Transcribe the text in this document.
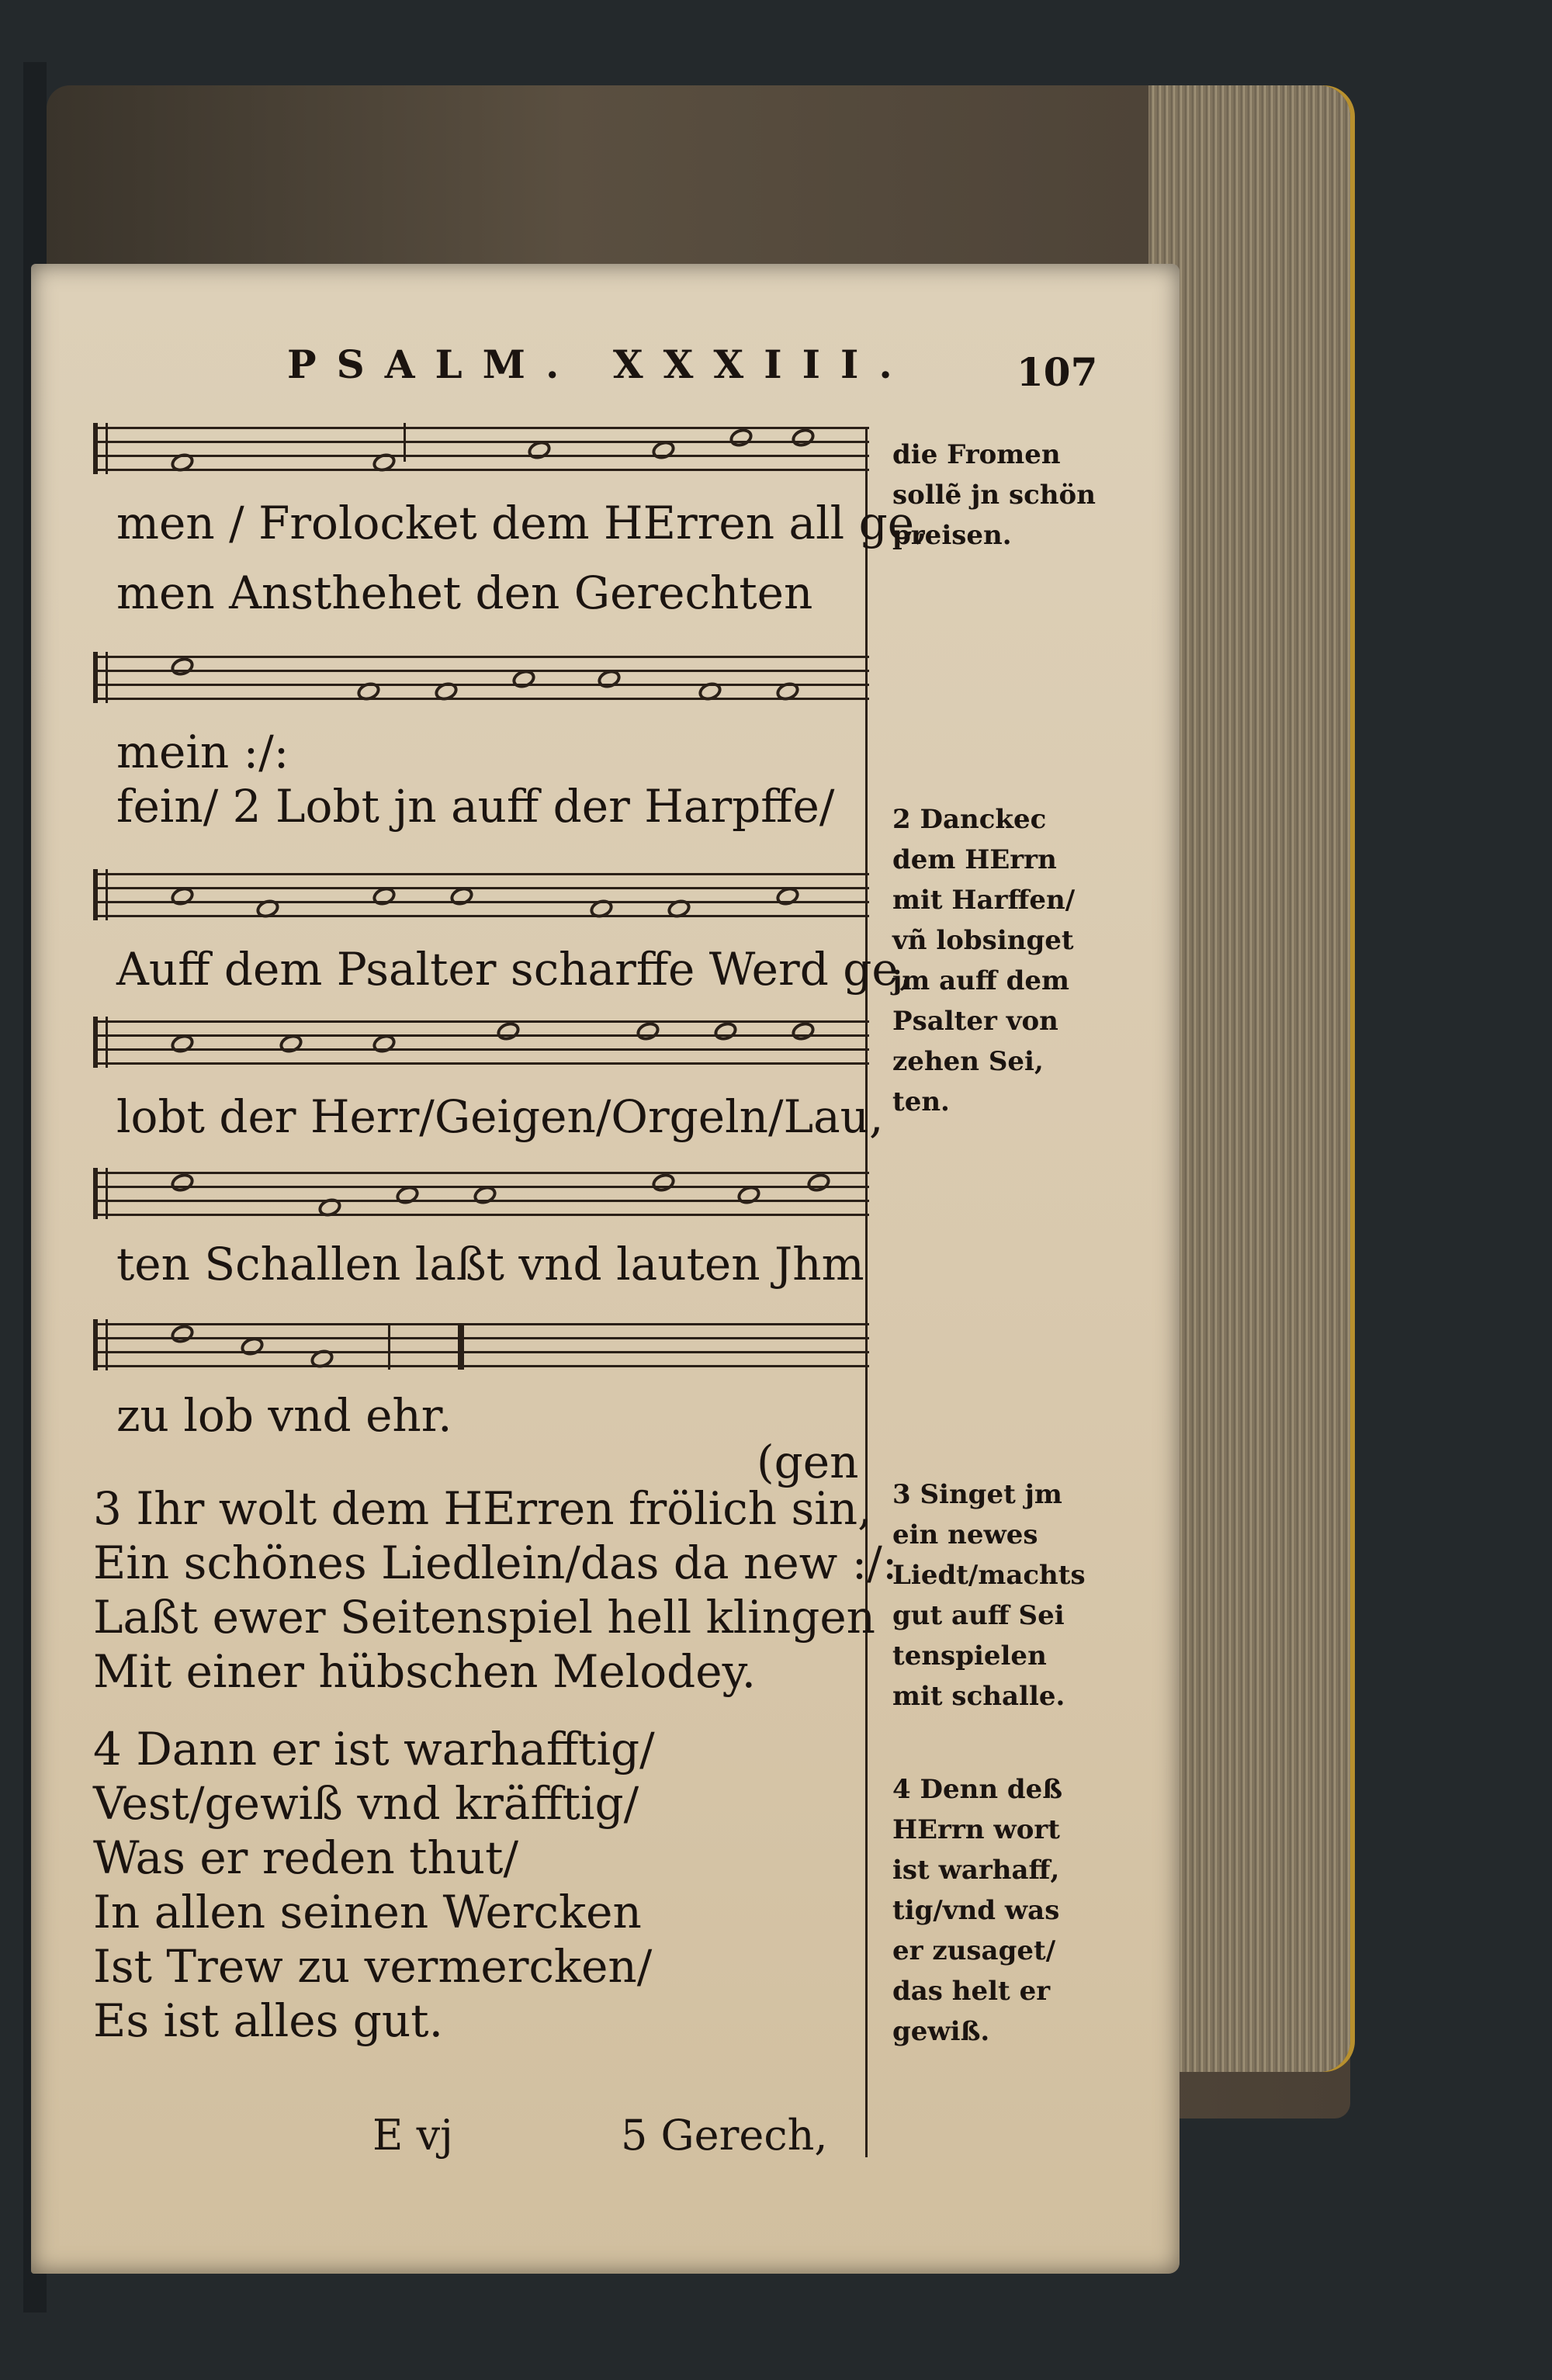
PSALM. XXXIII.	107
men / Frolocket dem HErren all ge,
men Ansthehet den Gerechten
mein :/:
fein/ 2 Lobt jn auff der Harpffe/
Auff dem Psalter scharffe Werd ge,
lobt der Herr/Geigen/Orgeln/Lau,
ten Schallen laßt vnd lauten Jhm
zu lob vnd ehr.
(gen
3 Ihr wolt dem HErren frölich sin,
Ein schönes Liedlein/das da new :/:
Laßt ewer Seitenspiel hell klingen
Mit einer hübschen Melodey.
4 Dann er ist warhafftig/
Vest/gewiß vnd kräfftig/
Was er reden thut/
In allen seinen Wercken
Ist Trew zu vermercken/
Es ist alles gut.
die Fromen
sollẽ jn schön
preisen.
2 Danckec
dem HErrn
mit Harffen/
vñ lobsinget
jm auff dem
Psalter von
zehen Sei,
ten.
3 Singet jm
ein newes
Liedt/machts
gut auff Sei
tenspielen
mit schalle.
4 Denn deß
HErrn wort
ist warhaff,
tig/vnd was
er zusaget/
das helt er
gewiß.
E vj	5 Gerech,
